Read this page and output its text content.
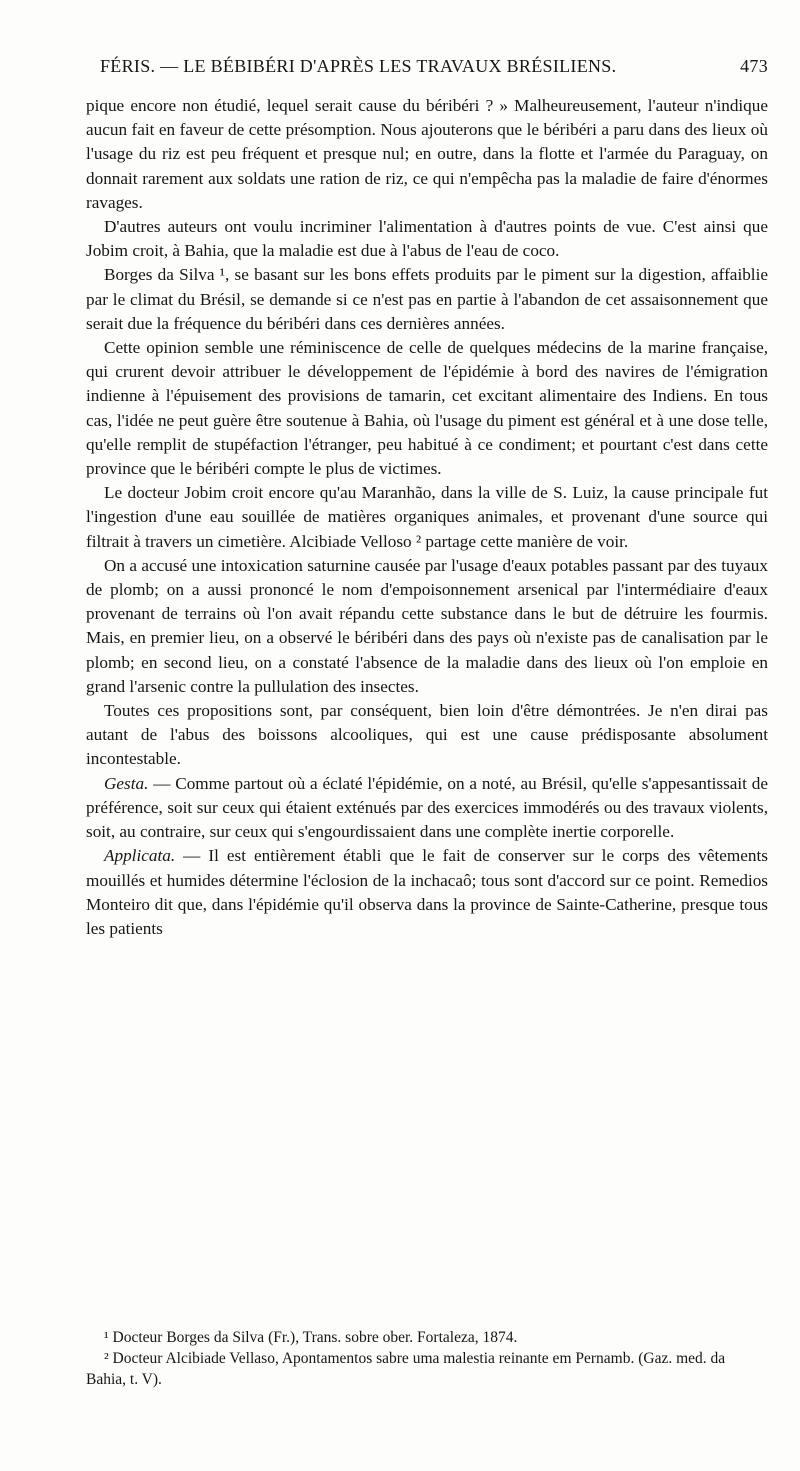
FÉRIS. — LE BÉBIBÉRI D'APRÈS LES TRAVAUX BRÉSILIENS.	473

pique encore non étudié, lequel serait cause du béribéri ? » Malheureusement, l'auteur n'indique aucun fait en faveur de cette présomption. Nous ajouterons que le béribéri a paru dans des lieux où l'usage du riz est peu fréquent et presque nul; en outre, dans la flotte et l'armée du Paraguay, on donnait rarement aux soldats une ration de riz, ce qui n'empêcha pas la maladie de faire d'énormes ravages.

D'autres auteurs ont voulu incriminer l'alimentation à d'autres points de vue. C'est ainsi que Jobim croit, à Bahia, que la maladie est due à l'abus de l'eau de coco.

Borges da Silva ¹, se basant sur les bons effets produits par le piment sur la digestion, affaiblie par le climat du Brésil, se demande si ce n'est pas en partie à l'abandon de cet assaisonnement que serait due la fréquence du béribéri dans ces dernières années.

Cette opinion semble une réminiscence de celle de quelques médecins de la marine française, qui crurent devoir attribuer le développement de l'épidémie à bord des navires de l'émigration indienne à l'épuisement des provisions de tamarin, cet excitant alimentaire des Indiens. En tous cas, l'idée ne peut guère être soutenue à Bahia, où l'usage du piment est général et à une dose telle, qu'elle remplit de stupéfaction l'étranger, peu habitué à ce condiment; et pourtant c'est dans cette province que le béribéri compte le plus de victimes.

Le docteur Jobim croit encore qu'au Maranhão, dans la ville de S. Luiz, la cause principale fut l'ingestion d'une eau souillée de matières organiques animales, et provenant d'une source qui filtrait à travers un cimetière. Alcibiade Velloso ² partage cette manière de voir.

On a accusé une intoxication saturnine causée par l'usage d'eaux potables passant par des tuyaux de plomb; on a aussi prononcé le nom d'empoisonnement arsenical par l'intermédiaire d'eaux provenant de terrains où l'on avait répandu cette substance dans le but de détruire les fourmis. Mais, en premier lieu, on a observé le béribéri dans des pays où n'existe pas de canalisation par le plomb; en second lieu, on a constaté l'absence de la maladie dans des lieux où l'on emploie en grand l'arsenic contre la pullulation des insectes.

Toutes ces propositions sont, par conséquent, bien loin d'être démontrées. Je n'en dirai pas autant de l'abus des boissons alcooliques, qui est une cause prédisposante absolument incontestable.

Gesta. — Comme partout où a éclaté l'épidémie, on a noté, au Brésil, qu'elle s'appesantissait de préférence, soit sur ceux qui étaient exténués par des exercices immodérés ou des travaux violents, soit, au contraire, sur ceux qui s'engourdissaient dans une complète inertie corporelle.

Applicata. — Il est entièrement établi que le fait de conserver sur le corps des vêtements mouillés et humides détermine l'éclosion de la inchacaô; tous sont d'accord sur ce point. Remedios Monteiro dit que, dans l'épidémie qu'il observa dans la province de Sainte-Catherine, presque tous les patients

¹ Docteur Borges da Silva (Fr.), Trans. sobre ober. Fortaleza, 1874.

² Docteur Alcibiade Vellaso, Apontamentos sabre uma malestia reinante em Pernamb. (Gaz. med. da Bahia, t. V).
